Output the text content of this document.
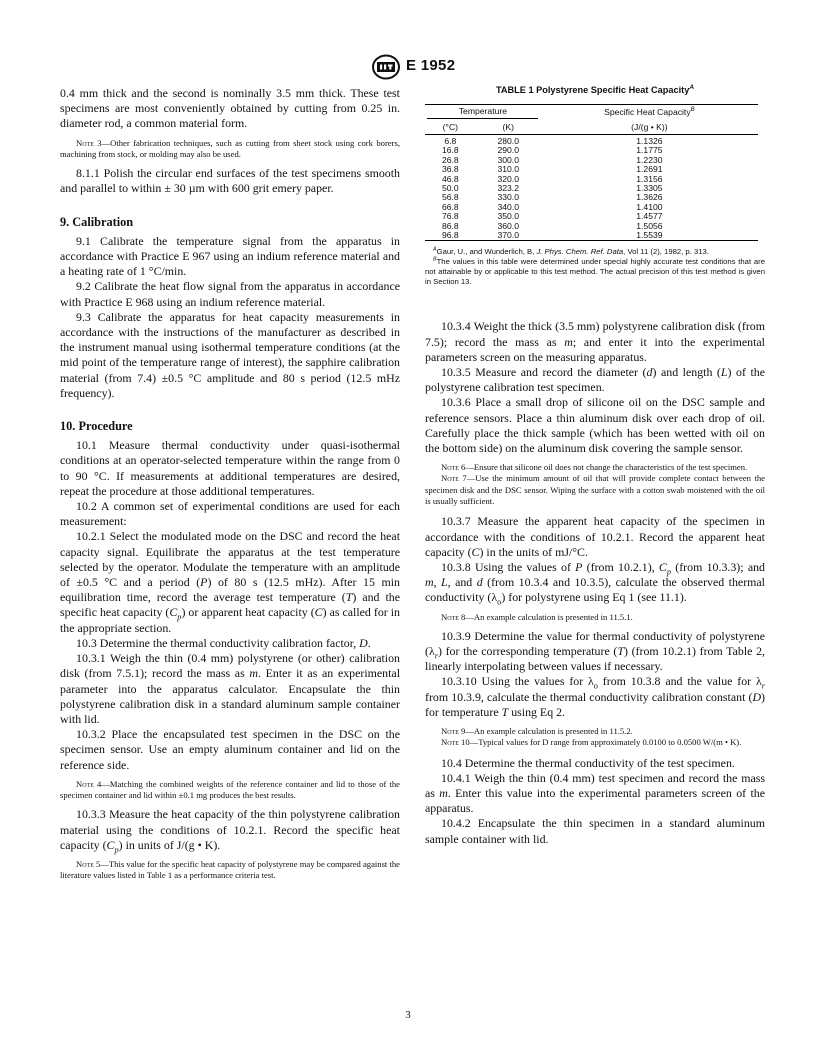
E 1952

0.4 mm thick and the second is nominally 3.5 mm thick. These test specimens are most conveniently obtained by cutting from 0.25 in. diameter rod, a common material form.

Note 3—Other fabrication techniques, such as cutting from sheet stock using cork borers, machining from stock, or molding may also be used.

8.1.1 Polish the circular end surfaces of the test specimens smooth and parallel to within ± 30 µm with 600 grit emery paper.

9. Calibration

9.1 Calibrate the temperature signal from the apparatus in accordance with Practice E 967 using an indium reference material and a heating rate of 1 °C/min.

9.2 Calibrate the heat flow signal from the apparatus in accordance with Practice E 968 using an indium reference material.

9.3 Calibrate the apparatus for heat capacity measurements in accordance with the instructions of the manufacturer as described in the instrument manual using isothermal temperature conditions (at the mid point of the temperature range of interest), the sapphire calibration material (from 7.4) ±0.5 °C amplitude and 80 s period (12.5 mHz frequency).

10. Procedure

10.1 Measure thermal conductivity under quasi-isothermal conditions at an operator-selected temperature within the range from 0 to 90 °C. If measurements at additional temperatures are desired, repeat the procedure at those additional temperatures.

10.2 A common set of experimental conditions are used for each measurement:

10.2.1 Select the modulated mode on the DSC and record the heat capacity signal. Equilibrate the apparatus at the test temperature selected by the operator. Modulate the temperature with an amplitude of ±0.5 °C and a period (P) of 80 s (12.5 mHz). After 15 min equilibration time, record the average test temperature (T) and the specific heat capacity $(C_p)$ or apparent heat capacity (C) as called for in the appropriate section.

10.3 Determine the thermal conductivity calibration factor, D.

10.3.1 Weigh the thin (0.4 mm) polystyrene (or other) calibration disk (from 7.5.1); record the mass as m. Enter it as an experimental parameter into the apparatus calculator. Encapsulate the thin polystyrene calibration disk in a standard aluminum sample container with lid.

10.3.2 Place the encapsulated test specimen in the DSC on the specimen sensor. Use an empty aluminum container and lid on the reference side.

Note 4—Matching the combined weights of the reference container and lid to those of the specimen container and lid within ±0.1 mg produces the best results.

10.3.3 Measure the heat capacity of the thin polystyrene calibration material using the conditions of 10.2.1. Record the specific heat capacity $(C_p)$ in units of J/(g • K).

Note 5—This value for the specific heat capacity of polystyrene may be compared against the literature values listed in Table 1 as a performance criteria test.

TABLE 1 Polystyrene Specific Heat Capacity$^A$
Temperature		Specific Heat Capacity$^B$
(°C)	(K)	(J/(g • K))
6.8	280.0	1.1326
16.8	290.0	1.1775
26.8	300.0	1.2230
36.8	310.0	1.2691
46.8	320.0	1.3156
50.0	323.2	1.3305
56.8	330.0	1.3626
66.8	340.0	1.4100
76.8	350.0	1.4577
86.8	360.0	1.5056
96.8	370.0	1.5539

$^A$Gaur, U., and Wunderlich, B, J. Phys. Chem. Ref. Data, Vol 11 (2), 1982, p. 313.

$^B$The values in this table were determined under special highly accurate test conditions that are not attainable by or applicable to this test method. The actual precision of this test method is given in Section 13.

10.3.4 Weight the thick (3.5 mm) polystyrene calibration disk (from 7.5); record the mass as m; and enter it into the experimental parameters screen on the measuring apparatus.

10.3.5 Measure and record the diameter (d) and length (L) of the polystyrene calibration test specimen.

10.3.6 Place a small drop of silicone oil on the DSC sample and reference sensors. Place a thin aluminum disk over each drop of oil. Carefully place the thick sample (which has been wetted with oil on the bottom side) on the aluminum disk covering the sample sensor.

Note 6—Ensure that silicone oil does not change the characteristics of the test specimen.

Note 7—Use the minimum amount of oil that will provide complete contact between the specimen disk and the DSC sensor. Wiping the surface with a cotton swab moistened with the oil is usually sufficient.

10.3.7 Measure the apparent heat capacity of the specimen in accordance with the conditions of 10.2.1. Record the apparent heat capacity (C) in the units of mJ/°C.

10.3.8 Using the values of P (from 10.2.1), $C_p$ (from 10.3.3); and m, L, and d (from 10.3.4 and 10.3.5), calculate the observed thermal conductivity $(\lambda_o)$ for polystyrene using Eq 1 (see 11.1).

Note 8—An example calculation is presented in 11.5.1.

10.3.9 Determine the value for thermal conductivity of polystyrene $(\lambda_r)$ for the corresponding temperature (T) (from 10.2.1) from Table 2, linearly interpolating between values if necessary.

10.3.10 Using the values for $\lambda_o$ from 10.3.8 and the value for $\lambda_r$ from 10.3.9, calculate the thermal conductivity calibration constant (D) for temperature T using Eq 2.

Note 9—An example calculation is presented in 11.5.2.

Note 10—Typical values for D range from approximately 0.0100 to 0.0500 W/(m • K).

10.4 Determine the thermal conductivity of the test specimen.

10.4.1 Weigh the thin (0.4 mm) test specimen and record the mass as m. Enter this value into the experimental parameters screen of the apparatus.

10.4.2 Encapsulate the thin specimen in a standard aluminum sample container with lid.

3
